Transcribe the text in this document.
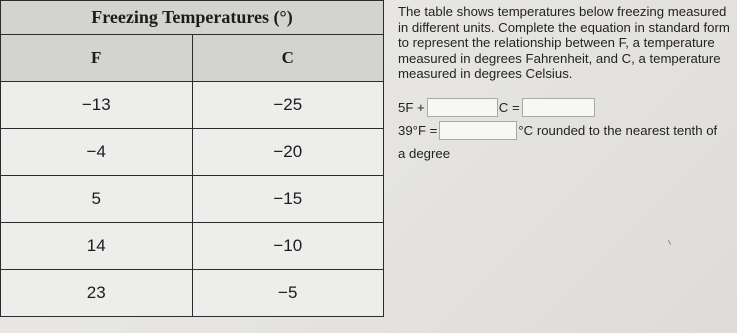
Freezing Temperatures (°)	
F	C
−13	−25
−4	−20
5	−15
14	−10
23	−5

The table shows temperatures below freezing measured in different units. Complete the equation in standard form to represent the relationship between F, a temperature measured in degrees Fahrenheit, and C, a temperature measured in degrees Celsius.

5F +	C =
39°F =	°C rounded to the nearest tenth of
a degree
